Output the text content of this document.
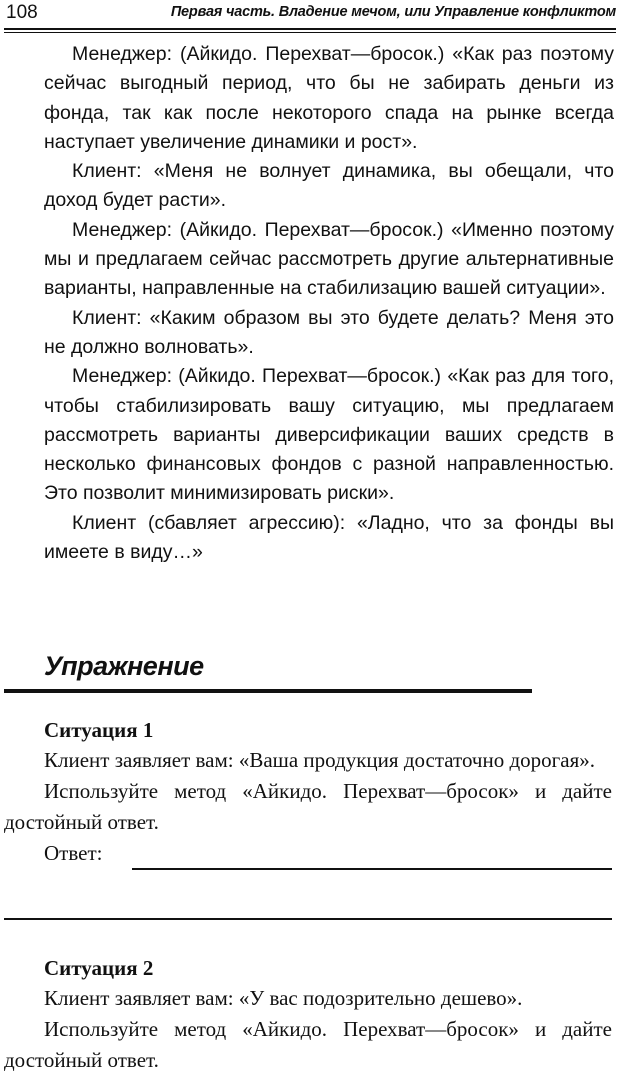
108	Первая часть. Владение мечом, или Управление конфликтом

Менеджер: (Айкидо. Перехват—бросок.) «Как раз поэтому сейчас выгодный период, что бы не забирать деньги из фонда, так как после некоторого спада на рынке всегда наступает увеличение динамики и рост».

Клиент: «Меня не волнует динамика, вы обещали, что доход будет расти».

Менеджер: (Айкидо. Перехват—бросок.) «Именно поэтому мы и предлагаем сейчас рассмотреть другие альтернативные варианты, направленные на стабилизацию вашей ситуации».

Клиент: «Каким образом вы это будете делать? Меня это не должно волновать».

Менеджер: (Айкидо. Перехват—бросок.) «Как раз для того, чтобы стабилизировать вашу ситуацию, мы предлагаем рассмотреть варианты диверсификации ваших средств в несколько финансовых фондов с разной направленностью. Это позволит минимизировать риски».

Клиент (сбавляет агрессию): «Ладно, что за фонды вы имеете в виду…»

Упражнение
Ситуация 1

Клиент заявляет вам: «Ваша продукция достаточно дорогая».

Используйте метод «Айкидо. Перехват—бросок» и дайте достойный ответ.

Ответ:
Ситуация 2

Клиент заявляет вам: «У вас подозрительно дешево».

Используйте метод «Айкидо. Перехват—бросок» и дайте достойный ответ.
